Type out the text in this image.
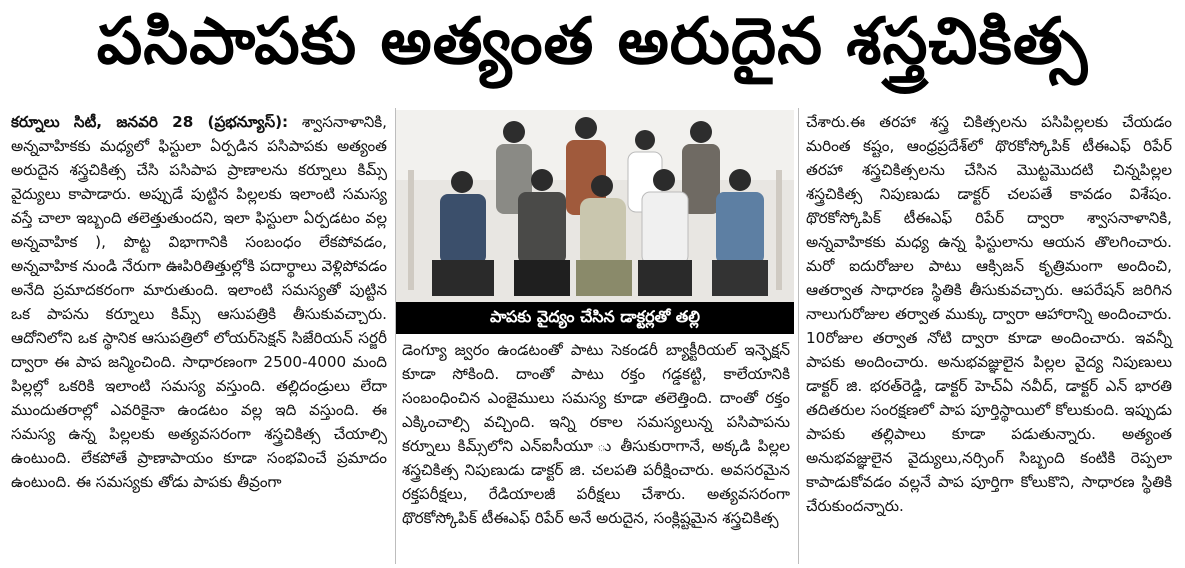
పసిపాపకు అత్యంత అరుదైన శస్త్రచికిత్స

కర్నూలు సిటీ, జనవరి 28 (ప్రభన్యూస్): శ్వాసనాళానికి, అన్నవాహికకు మధ్యలో ఫిస్టులా ఏర్పడిన పసిపాపకు అత్యంత అరుదైన శస్త్రచికిత్స చేసి పసిపాప ప్రాణాలను కర్నూలు కిమ్స్ వైద్యులు కాపాడారు. అప్పుడే పుట్టిన పిల్లలకు ఇలాంటి సమస్య వస్తే చాలా ఇబ్బంది తలెత్తుతుందని, ఇలా ఫిస్టులా ఏర్పడటం వల్ల అన్నవాహిక ), పొట్ట విభాగానికి సంబంధం లేకపోవడం, అన్నవాహిక నుండి నేరుగా ఊపిరితిత్తుల్లోకి పదార్థాలు వెళ్లిపోవడం అనేది ప్రమాదకరంగా మారుతుంది. ఇలాంటి సమస్యతో పుట్టిన ఒక పాపను కర్నూలు కిమ్స్ ఆసుపత్రికి తీసుకువచ్చారు. ఆదోనిలోని ఒక స్థానిక ఆసుపత్రిలో లోయర్‌సెక్షన్ సిజేరియన్ సర్జరీ ద్వారా ఈ పాప జన్మించింది. సాధారణంగా 2500-4000 మంది పిల్లల్లో ఒకరికి ఇలాంటి సమస్య వస్తుంది. తల్లిదండ్రులు లేదా ముందుతరాల్లో ఎవరికైనా ఉండటం వల్ల ఇది వస్తుంది. ఈ సమస్య ఉన్న పిల్లలకు అత్యవసరంగా శస్త్రచికిత్స చేయాల్సి ఉంటుంది. లేకపోతే ప్రాణాపాయం కూడా సంభవించే ప్రమాదం ఉంటుంది. ఈ సమస్యకు తోడు పాపకు తీవ్రంగా

పాపకు వైద్యం చేసిన డాక్టర్లతో తల్లి

డెంగ్యూ జ్వరం ఉండటంతో పాటు సెకండరీ బ్యాక్టీరియల్ ఇన్ఫెక్షన్ కూడా సోకింది. దాంతో పాటు రక్తం గడ్డకట్టి, కాలేయానికి సంబంధించిన ఎంజైములు సమస్య కూడా తలెత్తింది. దాంతో రక్తం ఎక్కించాల్సి వచ్చింది. ఇన్ని రకాల సమస్యలున్న పసిపాపను కర్నూలు కిమ్స్‌లోని ఎన్ఐసీయూ ‍ు తీసుకురాగానే, అక్కడి పిల్లల శస్త్రచికిత్స నిపుణుడు డాక్టర్ జి. చలపతి పరీక్షించారు. అవసరమైన రక్తపరీక్షలు, రేడియాలజీ పరీక్షలు చేశారు. అత్యవసరంగా థొరకోస్కోపిక్ టీఈఎఫ్ రిపేర్ అనే అరుదైన, సంక్లిష్టమైన శస్త్రచికిత్స

చేశారు.ఈ తరహా శస్త్ర చికిత్సలను పసిపిల్లలకు చేయడం మరింత కష్టం, ఆంధ్రప్రదేశ్‌లో థొరకోస్కోపిక్ టీఈఎఫ్ రిపేర్ తరహా శస్త్రచికిత్సలను చేసిన మొట్టమొదటి చిన్నపిల్లల శస్త్రచికిత్స నిపుణుడు డాక్టర్ చలపతే కావడం విశేషం. థొరకోస్కోపిక్ టీఈఎఫ్ రిపేర్ ద్వారా శ్వాసనాళానికి, అన్నవాహికకు మధ్య ఉన్న ఫిస్టులాను ఆయన తొలగించారు. మరో ఐదురోజుల పాటు ఆక్సిజన్ కృత్రిమంగా అందించి, ఆతర్వాత సాధారణ స్థితికి తీసుకువచ్చారు. ఆపరేషన్ జరిగిన నాలుగురోజుల తర్వాత ముక్కు ద్వారా ఆహారాన్ని అందించారు. 10రోజుల తర్వాత నోటి ద్వారా కూడా అందించారు. ఇవన్నీ పాపకు అందించారు. అనుభవజ్ఞులైన పిల్లల వైద్య నిపుణులు డాక్టర్ జి. భరత్‌రెడ్డి, డాక్టర్ హెచ్ఏ నవీద్, డాక్టర్ ఎన్ భారతి తదితరుల సంరక్షణలో పాప పూర్తిస్థాయిలో కోలుకుంది. ఇప్పుడు పాపకు తల్లిపాలు కూడా పడుతున్నారు. అత్యంత అనుభవజ్ఞులైన వైద్యులు,నర్సింగ్ సిబ్బంది కంటికి రెప్పలా కాపాడుకోవడం వల్లనే పాప పూర్తిగా కోలుకొని, సాధారణ స్థితికి చేరుకుందన్నారు.
